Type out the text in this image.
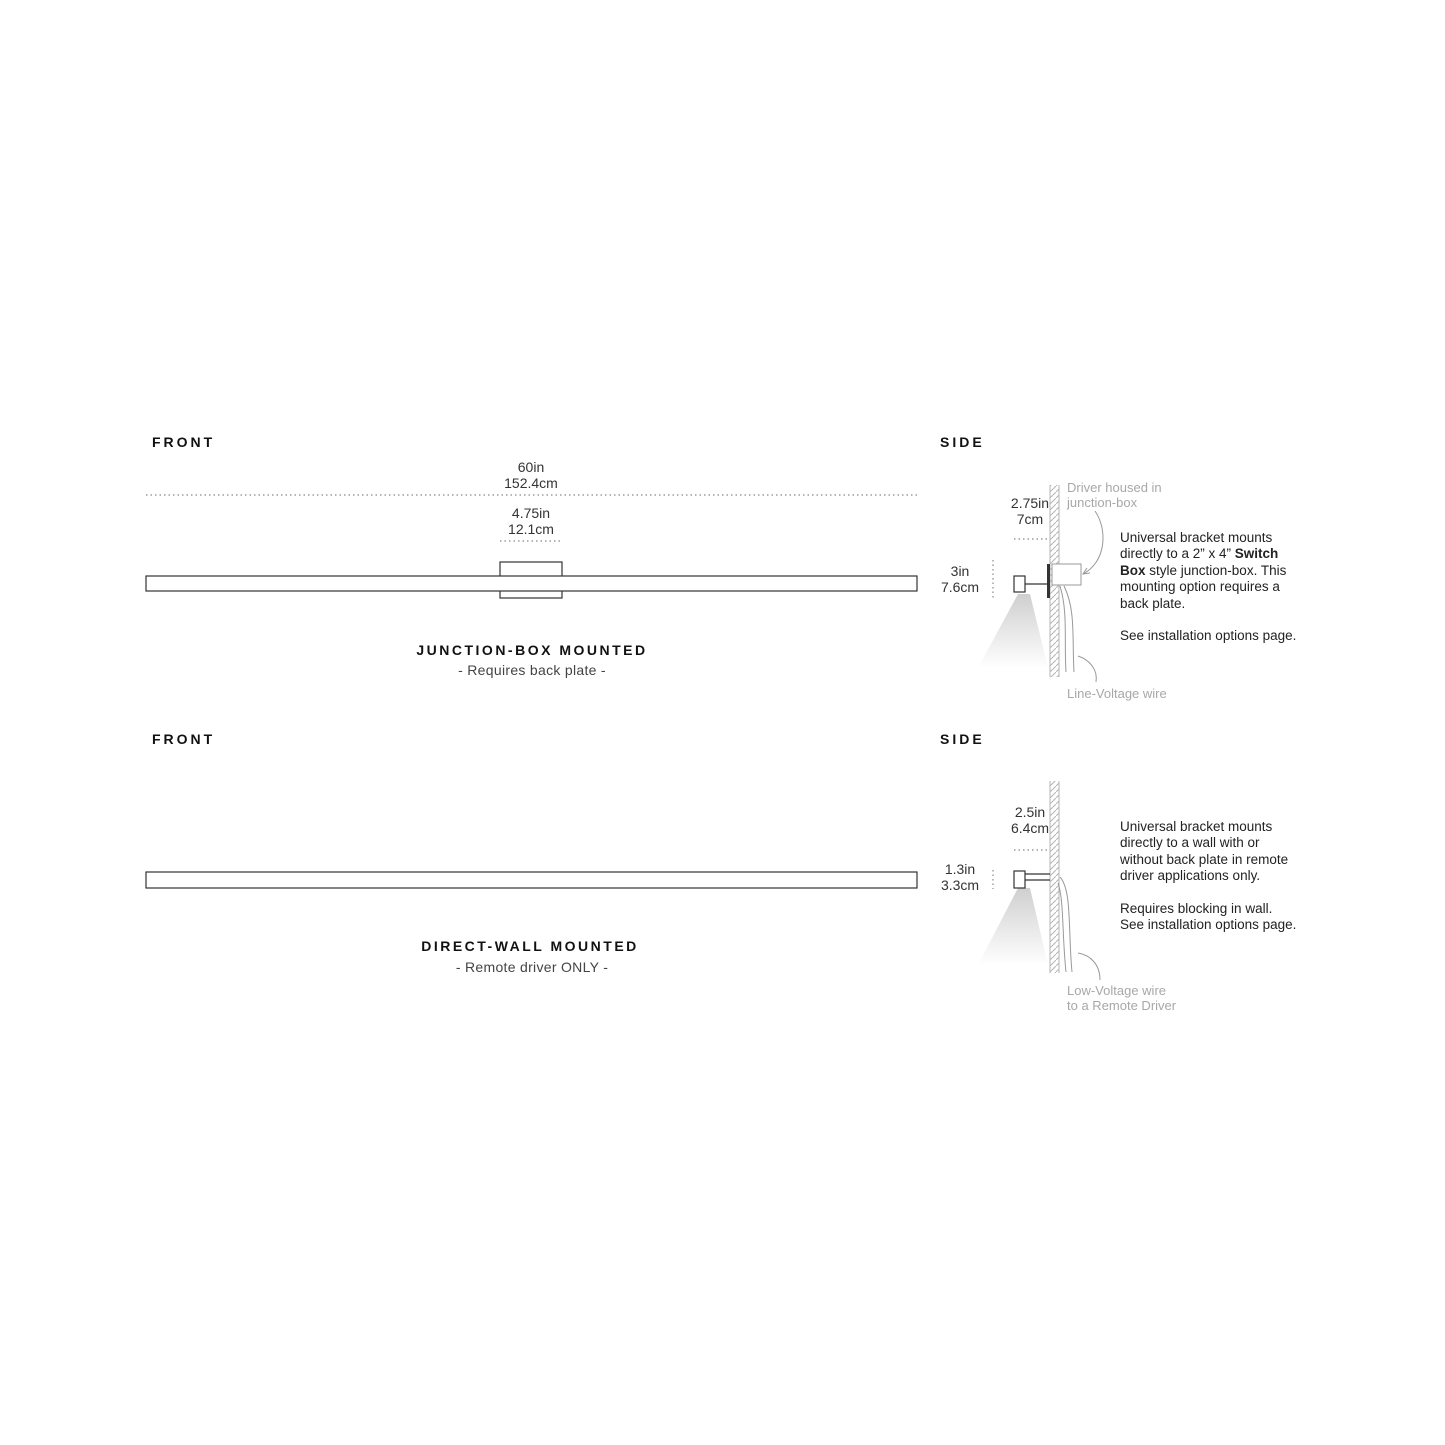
FRONT	SIDE
60in
152.4cm
4.75in
12.1cm
JUNCTION-BOX MOUNTED
- Requires back plate -
2.75in
7cm
3in
7.6cm
Driver housed in
junction-box
Line-Voltage wire

Universal bracket mounts

directly to a 2” x 4” Switch

Box style junction-box. This

mounting option requires a

back plate.

See installation options page.

FRONT	SIDE
DIRECT-WALL MOUNTED
- Remote driver ONLY -
2.5in
6.4cm
1.3in
3.3cm
Low-Voltage wire
to a Remote Driver

Universal bracket mounts

directly to a wall with or

without back plate in remote

driver applications only.

Requires blocking in wall.

See installation options page.
